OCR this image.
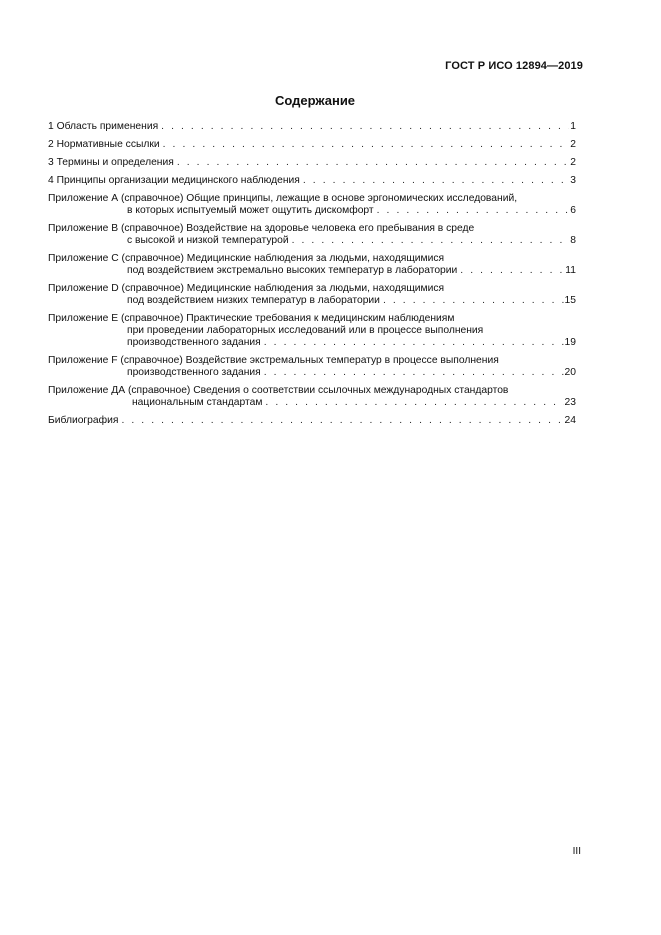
ГОСТ Р ИСО 12894—2019
Содержание
1 Область применения . . .	1
2 Нормативные ссылки . . .	2
3 Термины и определения . . .	2
4 Принципы организации медицинского наблюдения . . .	3
Приложение А (справочное) Общие принципы, лежащие в основе эргономических исследований,
в которых испытуемый может ощутить дискомфорт . . .	6
Приложение В (справочное) Воздействие на здоровье человека его пребывания в среде
с высокой и низкой температурой . . .	8
Приложение С (справочное) Медицинские наблюдения за людьми, находящимися
под воздействием экстремально высоких температур в лаборатории . . .	11
Приложение D (справочное) Медицинские наблюдения за людьми, находящимися
под воздействием низких температур в лаборатории . . .	15
Приложение Е (справочное) Практические требования к медицинским наблюдениям
при проведении лабораторных исследований или в процессе выполнения
производственного задания . . .	19
Приложение F (справочное) Воздействие экстремальных температур в процессе выполнения
производственного задания . . .	20
Приложение ДА (справочное) Сведения о соответствии ссылочных международных стандартов
национальным стандартам . . .	23
Библиография . . .	24
III
